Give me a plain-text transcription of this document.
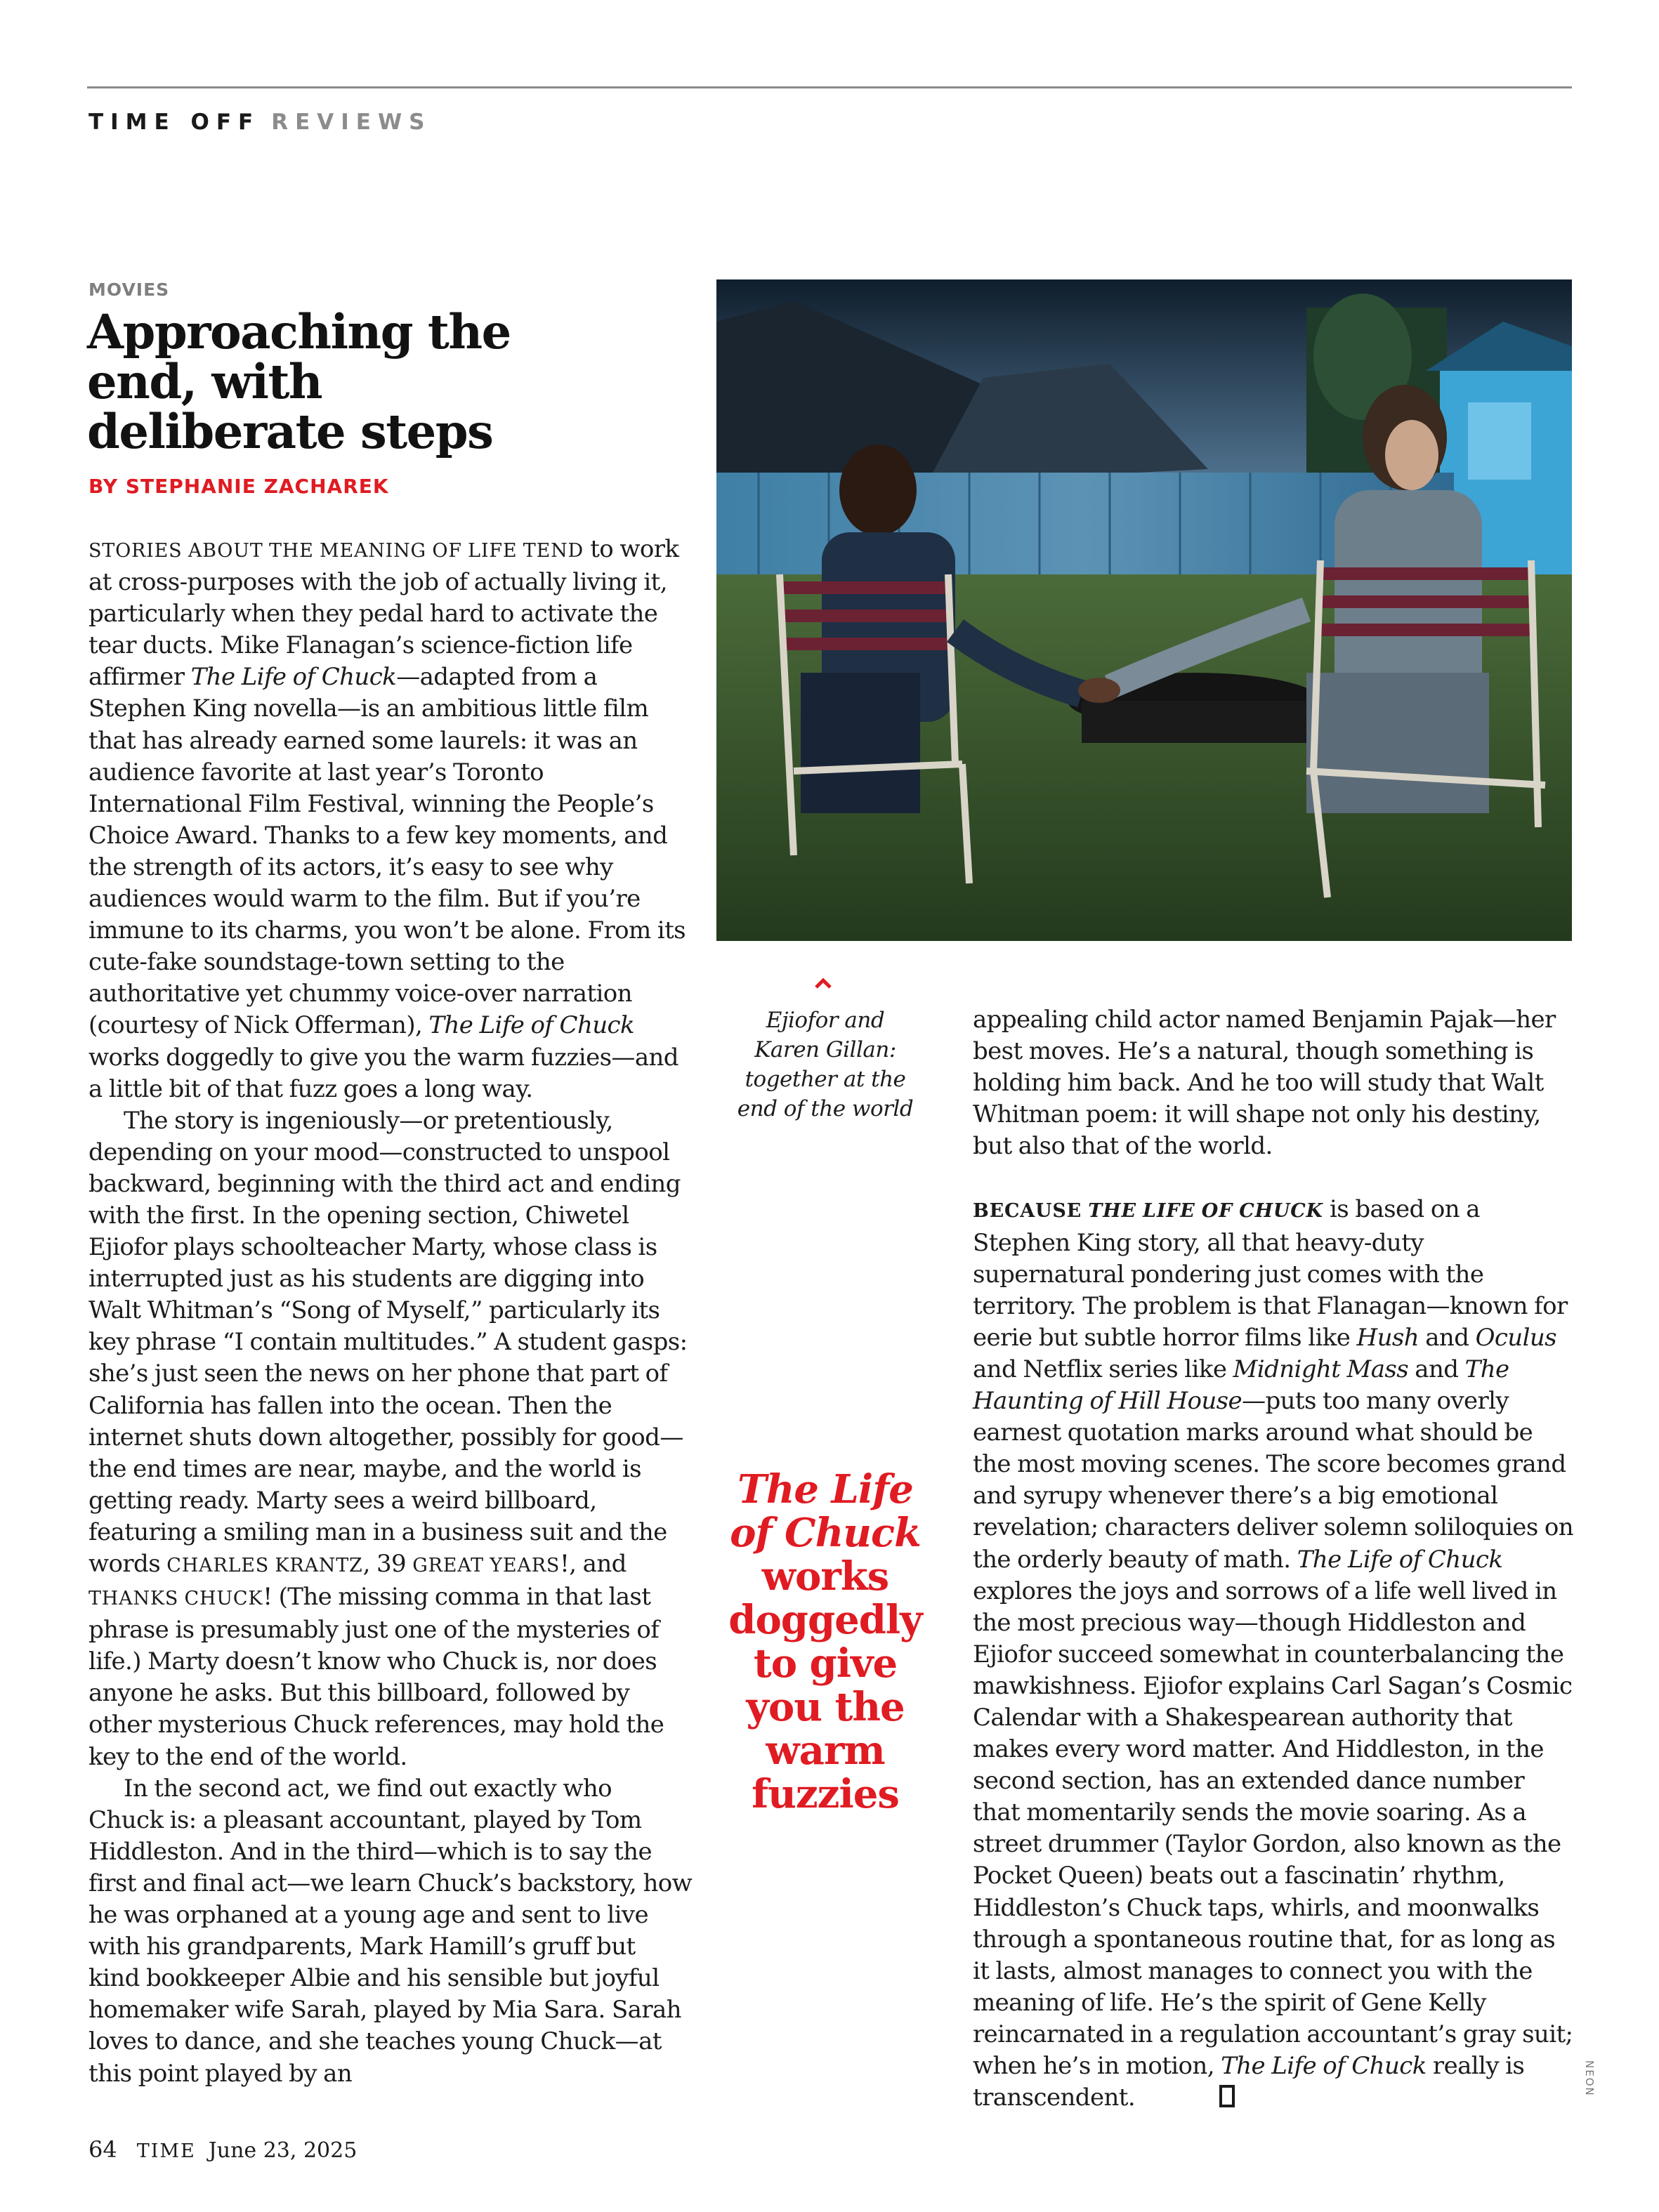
TIME OFF REVIEWS
MOVIES
Approaching the end, with deliberate steps
BY STEPHANIE ZACHAREK

STORIES ABOUT THE MEANING OF LIFE TEND to work at cross-purposes with the job of actually living it, particularly when they pedal hard to activate the tear ducts. Mike Flanagan’s science-fiction life affirmer The Life of Chuck—adapted from a Stephen King novella—is an ambitious little film that has already earned some laurels: it was an audience favorite at last year’s Toronto International Film Festival, winning the People’s Choice Award. Thanks to a few key moments, and the strength of its actors, it’s easy to see why audiences would warm to the film. But if you’re immune to its charms, you won’t be alone. From its cute-fake soundstage-town setting to the authoritative yet chummy voice-over narration (courtesy of Nick Offerman), The Life of Chuck works doggedly to give you the warm fuzzies—and a little bit of that fuzz goes a long way.

The story is ingeniously—or pretentiously, depending on your mood—constructed to unspool backward, beginning with the third act and ending with the first. In the opening section, Chiwetel Ejiofor plays schoolteacher Marty, whose class is interrupted just as his students are digging into Walt Whitman’s “Song of Myself,” particularly its key phrase “I contain multitudes.” A student gasps: she’s just seen the news on her phone that part of California has fallen into the ocean. Then the internet shuts down altogether, possibly for good—the end times are near, maybe, and the world is getting ready. Marty sees a weird billboard, featuring a smiling man in a business suit and the words CHARLES KRANTZ, 39 GREAT YEARS!, and THANKS CHUCK! (The missing comma in that last phrase is presumably just one of the mysteries of life.) Marty doesn’t know who Chuck is, nor does anyone he asks. But this billboard, followed by other mysterious Chuck references, may hold the key to the end of the world.

In the second act, we find out exactly who Chuck is: a pleasant accountant, played by Tom Hiddleston. And in the third—which is to say the first and final act—we learn Chuck’s backstory, how he was orphaned at a young age and sent to live with his grandparents, Mark Hamill’s gruff but kind bookkeeper Albie and his sensible but joyful homemaker wife Sarah, played by Mia Sara. Sarah loves to dance, and she teaches young Chuck—at this point played by an

Ejiofor and Karen Gillan: together at the end of the world
The Life of Chuck works doggedly to give you the warm fuzzies

appealing child actor named Benjamin Pajak—her best moves. He’s a natural, though something is holding him back. And he too will study that Walt Whitman poem: it will shape not only his destiny, but also that of the world.

BECAUSE THE LIFE OF CHUCK is based on a Stephen King story, all that heavy-duty supernatural pondering just comes with the territory. The problem is that Flanagan—known for eerie but subtle horror films like Hush and Oculus and Netflix series like Midnight Mass and The Haunting of Hill House—puts too many overly earnest quotation marks around what should be the most moving scenes. The score becomes grand and syrupy whenever there’s a big emotional revelation; characters deliver solemn soliloquies on the orderly beauty of math. The Life of Chuck explores the joys and sorrows of a life well lived in the most precious way—though Hiddleston and Ejiofor succeed somewhat in counterbalancing the mawkishness. Ejiofor explains Carl Sagan’s Cosmic Calendar with a Shakespearean authority that makes every word matter. And Hiddleston, in the second section, has an extended dance number that momentarily sends the movie soaring. As a street drummer (Taylor Gordon, also known as the Pocket Queen) beats out a fascinatin’ rhythm, Hiddleston’s Chuck taps, whirls, and moonwalks through a spontaneous routine that, for as long as it lasts, almost manages to connect you with the meaning of life. He’s the spirit of Gene Kelly reincarnated in a regulation accountant’s gray suit; when he’s in motion, The Life of Chuck really is transcendent.

NEON
64 TIME June 23, 2025
